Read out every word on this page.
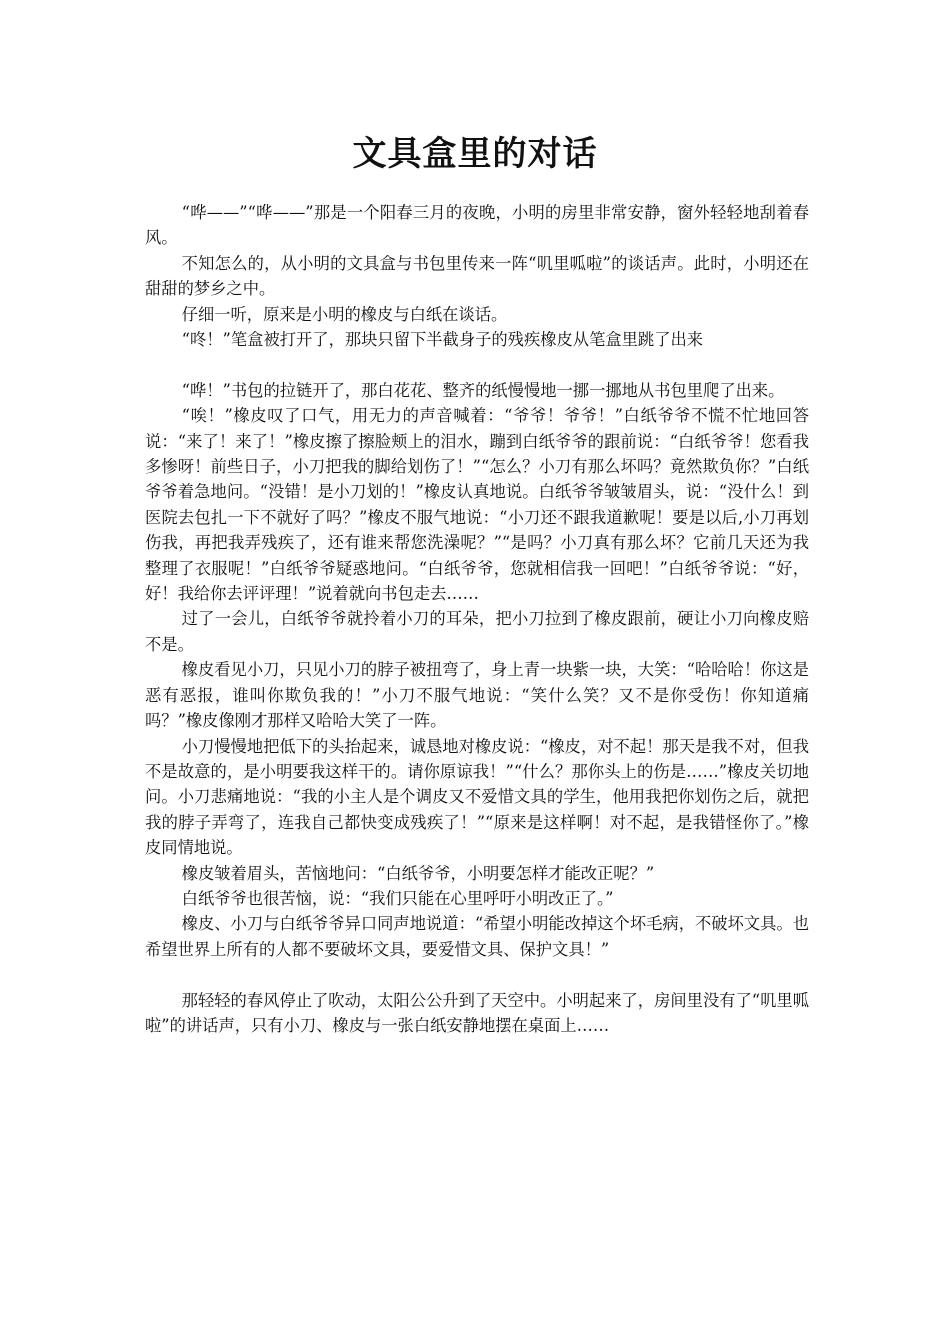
文具盒里的对话

“哗——”“哗——”那是一个阳春三月的夜晚，小明的房里非常安静，窗外轻轻地刮着春风。

不知怎么的，从小明的文具盒与书包里传来一阵“叽里呱啦”的谈话声。此时，小明还在甜甜的梦乡之中。

仔细一听，原来是小明的橡皮与白纸在谈话。

“咚！”笔盒被打开了，那块只留下半截身子的残疾橡皮从笔盒里跳了出来

“哗！”书包的拉链开了，那白花花、整齐的纸慢慢地一挪一挪地从书包里爬了出来。

“唉！”橡皮叹了口气，用无力的声音喊着：“爷爷！爷爷！”白纸爷爷不慌不忙地回答说：“来了！来了！”橡皮擦了擦脸颊上的泪水，蹦到白纸爷爷的跟前说：“白纸爷爷！您看我多惨呀！前些日子，小刀把我的脚给划伤了！”“怎么？小刀有那么坏吗？竟然欺负你？”白纸爷爷着急地问。“没错！是小刀划的！”橡皮认真地说。白纸爷爷皱皱眉头，说：“没什么！到医院去包扎一下不就好了吗？”橡皮不服气地说：“小刀还不跟我道歉呢！要是以后,小刀再划伤我，再把我弄残疾了，还有谁来帮您洗澡呢？”“是吗？小刀真有那么坏？它前几天还为我整理了衣服呢！”白纸爷爷疑惑地问。“白纸爷爷，您就相信我一回吧！”白纸爷爷说：“好，好！我给你去评评理！”说着就向书包走去……

过了一会儿，白纸爷爷就拎着小刀的耳朵，把小刀拉到了橡皮跟前，硬让小刀向橡皮赔不是。

橡皮看见小刀，只见小刀的脖子被扭弯了，身上青一块紫一块，大笑：“哈哈哈！你这是恶有恶报，谁叫你欺负我的！”小刀不服气地说：“笑什么笑？又不是你受伤！你知道痛吗？”橡皮像刚才那样又哈哈大笑了一阵。

小刀慢慢地把低下的头抬起来，诚恳地对橡皮说：“橡皮，对不起！那天是我不对，但我不是故意的，是小明要我这样干的。请你原谅我！”“什么？那你头上的伤是……”橡皮关切地问。小刀悲痛地说：“我的小主人是个调皮又不爱惜文具的学生，他用我把你划伤之后，就把我的脖子弄弯了，连我自己都快变成残疾了！”“原来是这样啊！对不起，是我错怪你了。”橡皮同情地说。

橡皮皱着眉头，苦恼地问：“白纸爷爷，小明要怎样才能改正呢？”

白纸爷爷也很苦恼，说：“我们只能在心里呼吁小明改正了。”

橡皮、小刀与白纸爷爷异口同声地说道：“希望小明能改掉这个坏毛病，不破坏文具。也希望世界上所有的人都不要破坏文具，要爱惜文具、保护文具！”

那轻轻的春风停止了吹动，太阳公公升到了天空中。小明起来了，房间里没有了“叽里呱啦”的讲话声，只有小刀、橡皮与一张白纸安静地摆在桌面上……
